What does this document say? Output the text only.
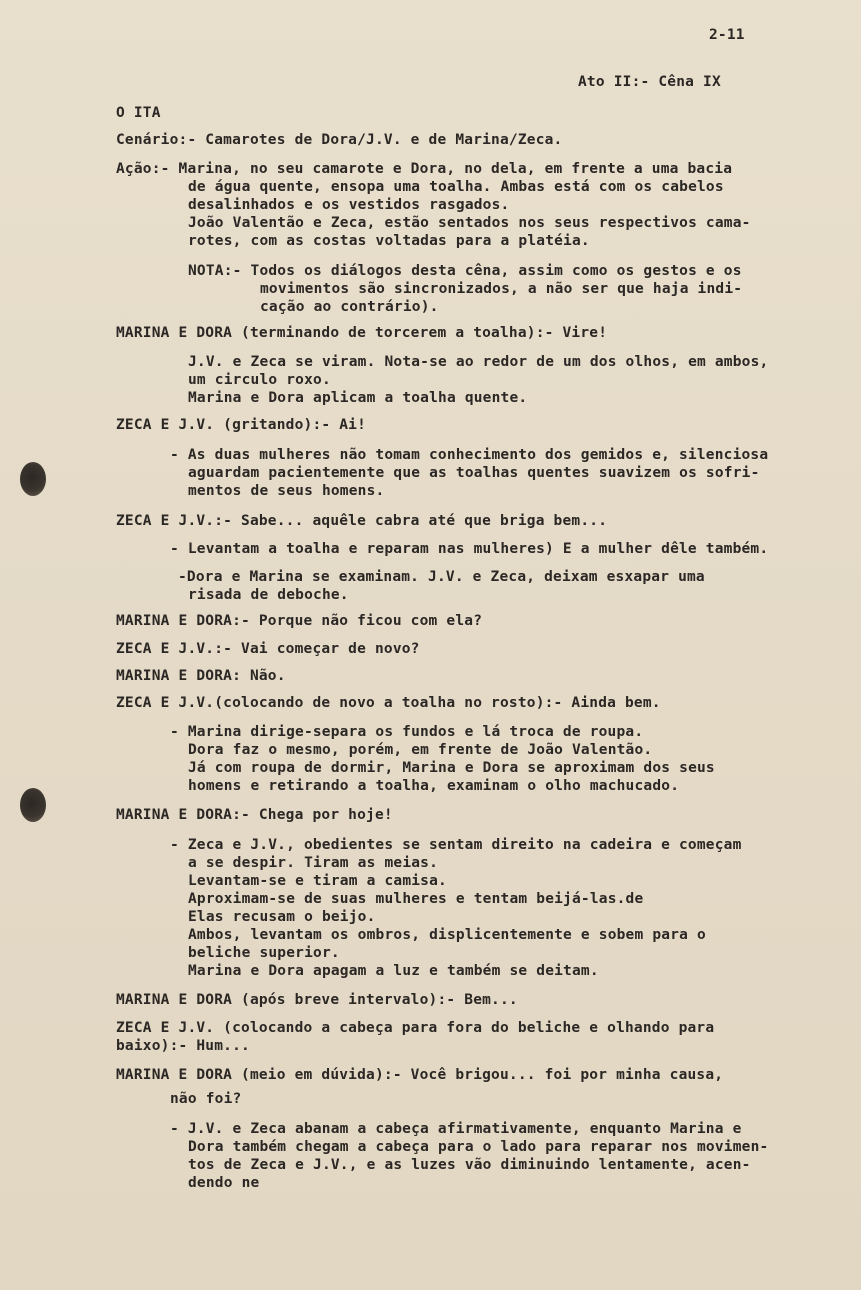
2-11
Ato II:- Cêna IX
O ITA
Cenário:- Camarotes de Dora/J.V. e de Marina/Zeca.
Ação:- Marina, no seu camarote e Dora, no dela, em frente a uma bacia
de água quente, ensopa uma toalha. Ambas está com os cabelos
desalinhados e os vestidos rasgados.
João Valentão e Zeca, estão sentados nos seus respectivos cama-
rotes, com as costas voltadas para a platéia.
NOTA:- Todos os diálogos desta cêna, assim como os gestos e os
movimentos são sincronizados, a não ser que haja indi-
cação ao contrário).
MARINA E DORA (terminando de torcerem a toalha):- Vire!
J.V. e Zeca se viram. Nota-se ao redor de um dos olhos, em ambos,
um circulo roxo.
Marina e Dora aplicam a toalha quente.
ZECA E J.V. (gritando):- Ai!
- As duas mulheres não tomam conhecimento dos gemidos e, silenciosa
aguardam pacientemente que as toalhas quentes suavizem os sofri-
mentos de seus homens.
ZECA E J.V.:- Sabe... aquêle cabra até que briga bem...
- Levantam a toalha e reparam nas mulheres) E a mulher dêle também.
-Dora e Marina se examinam. J.V. e Zeca, deixam esxapar uma
risada de deboche.
MARINA E DORA:- Porque não ficou com ela?
ZECA E J.V.:- Vai começar de novo?
MARINA E DORA: Não.
ZECA E J.V.(colocando de novo a toalha no rosto):- Ainda bem.
- Marina dirige-separa os fundos e lá troca de roupa.
Dora faz o mesmo, porém, em frente de João Valentão.
Já com roupa de dormir, Marina e Dora se aproximam dos seus
homens e retirando a toalha, examinam o olho machucado.
MARINA E DORA:- Chega por hoje!
- Zeca e J.V., obedientes se sentam direito na cadeira e começam
a se despir. Tiram as meias.
Levantam-se e tiram a camisa.
Aproximam-se de suas mulheres e tentam beijá-las.de
Elas recusam o beijo.
Ambos, levantam os ombros, displicentemente e sobem para o
beliche superior.
Marina e Dora apagam a luz e também se deitam.
MARINA E DORA (após breve intervalo):- Bem...
ZECA E J.V. (colocando a cabeça para fora do beliche e olhando para
baixo):- Hum...
MARINA E DORA (meio em dúvida):- Você brigou... foi por minha causa,
não foi?
- J.V. e Zeca abanam a cabeça afirmativamente, enquanto Marina e
Dora também chegam a cabeça para o lado para reparar nos movimen-
tos de Zeca e J.V., e as luzes vão diminuindo lentamente, acen-
dendo ne
